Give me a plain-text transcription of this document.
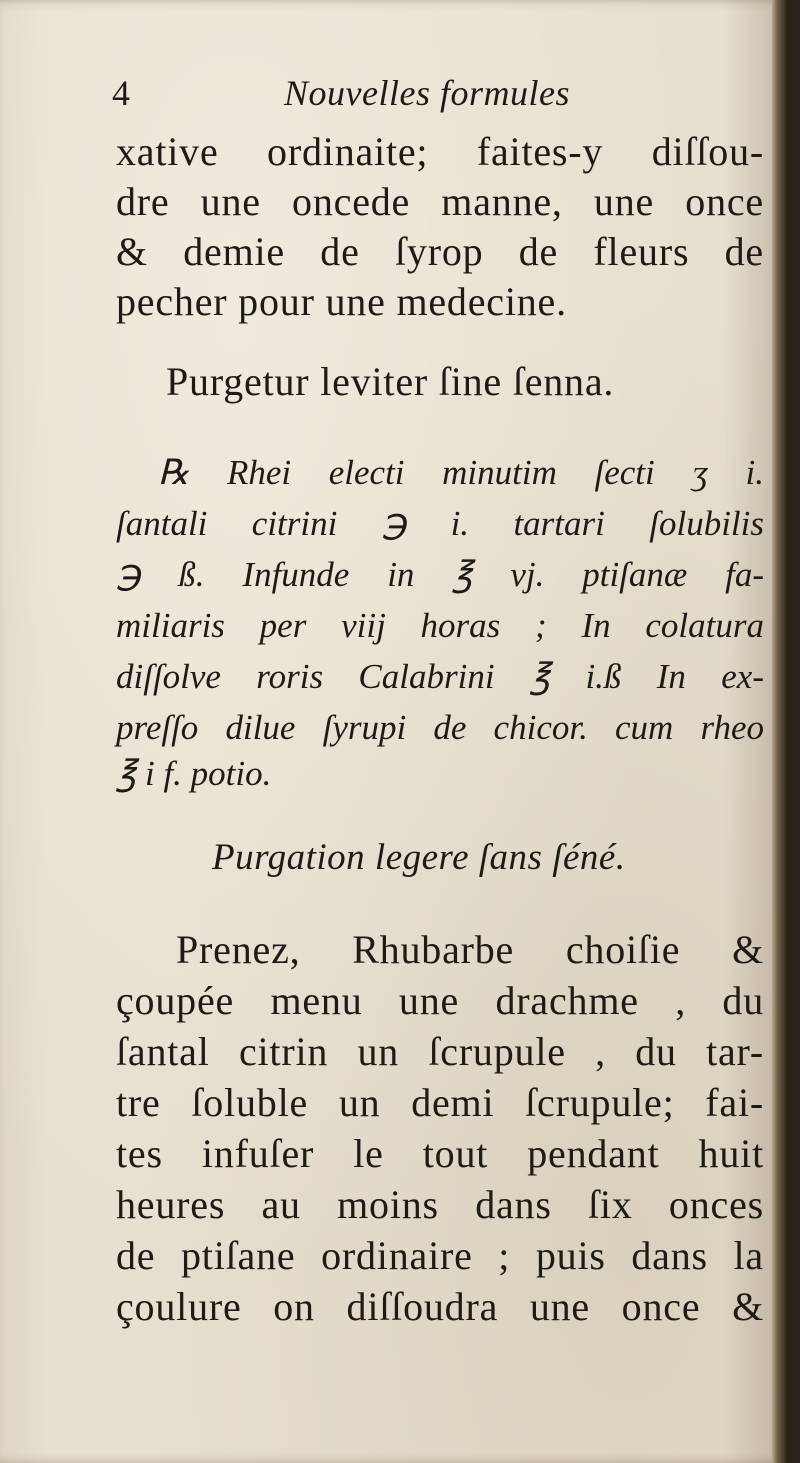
4	Nouvelles formules

xative ordinaite; faites-y diſſou-

dre une oncede manne, une once

& demie de ſyrop de fleurs de

pecher pour une medecine.

Purgetur leviter ſine ſenna.

℞ Rhei electi minutim ſecti ʒ i.

ſantali citrini ℈ i. tartari ſolubilis

℈ ß. Infunde in ℥ vj. ptiſanæ fa-

miliaris per viij horas ; In colatura

diſſolve roris Calabrini ℥ i.ß In ex-

preſſo dilue ſyrupi de chicor. cum rheo

℥ i f. potio.

Purgation legere ſans ſéné.

Prenez, Rhubarbe choiſie &

çoupée menu une drachme , du

ſantal citrin un ſcrupule , du tar-

tre ſoluble un demi ſcrupule; fai-

tes infuſer le tout pendant huit

heures au moins dans ſix onces

de ptiſane ordinaire ; puis dans la

çoulure on diſſoudra une once &
